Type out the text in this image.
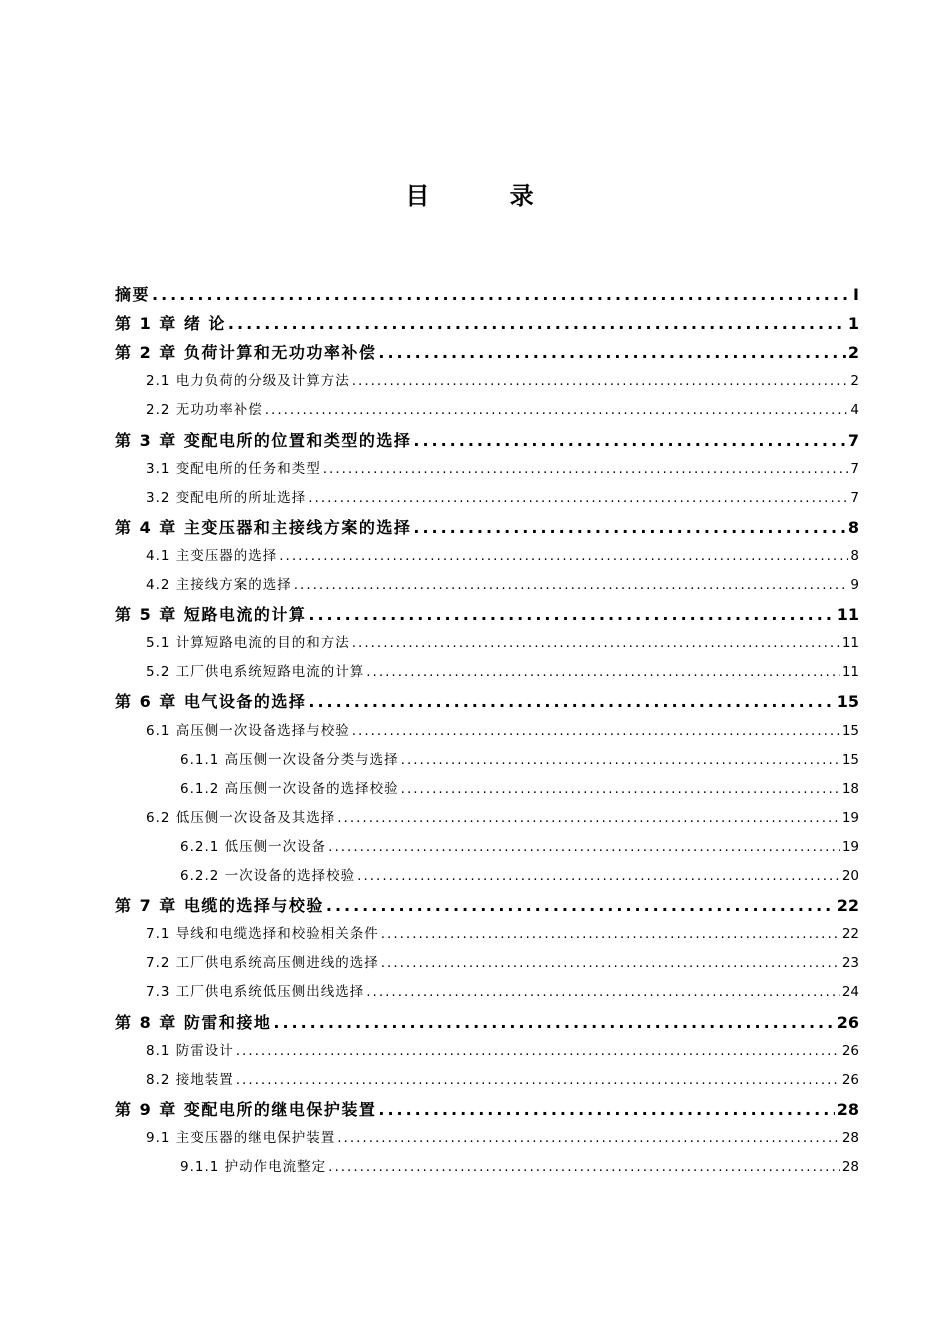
目 录
摘要 .....	I
第 1 章 绪 论 .....	1
第 2 章 负荷计算和无功功率补偿 .....	2
2.1 电力负荷的分级及计算方法 .....	2
2.2 无功功率补偿 .....	4
第 3 章 变配电所的位置和类型的选择 .....	7
3.1 变配电所的任务和类型 .....	7
3.2 变配电所的所址选择 .....	7
第 4 章 主变压器和主接线方案的选择 .....	8
4.1 主变压器的选择 .....	8
4.2 主接线方案的选择 .....	9
第 5 章 短路电流的计算 .....	11
5.1 计算短路电流的目的和方法 .....	11
5.2 工厂供电系统短路电流的计算 .....	11
第 6 章 电气设备的选择 .....	15
6.1 高压侧一次设备选择与校验 .....	15
6.1.1 高压侧一次设备分类与选择 .....	15
6.1.2 高压侧一次设备的选择校验 .....	18
6.2 低压侧一次设备及其选择 .....	19
6.2.1 低压侧一次设备 .....	19
6.2.2 一次设备的选择校验 .....	20
第 7 章 电缆的选择与校验 .....	22
7.1 导线和电缆选择和校验相关条件 .....	22
7.2 工厂供电系统高压侧进线的选择 .....	23
7.3 工厂供电系统低压侧出线选择 .....	24
第 8 章 防雷和接地 .....	26
8.1 防雷设计 .....	26
8.2 接地装置 .....	26
第 9 章 变配电所的继电保护装置 .....	28
9.1 主变压器的继电保护装置 .....	28
9.1.1 护动作电流整定 .....	28
